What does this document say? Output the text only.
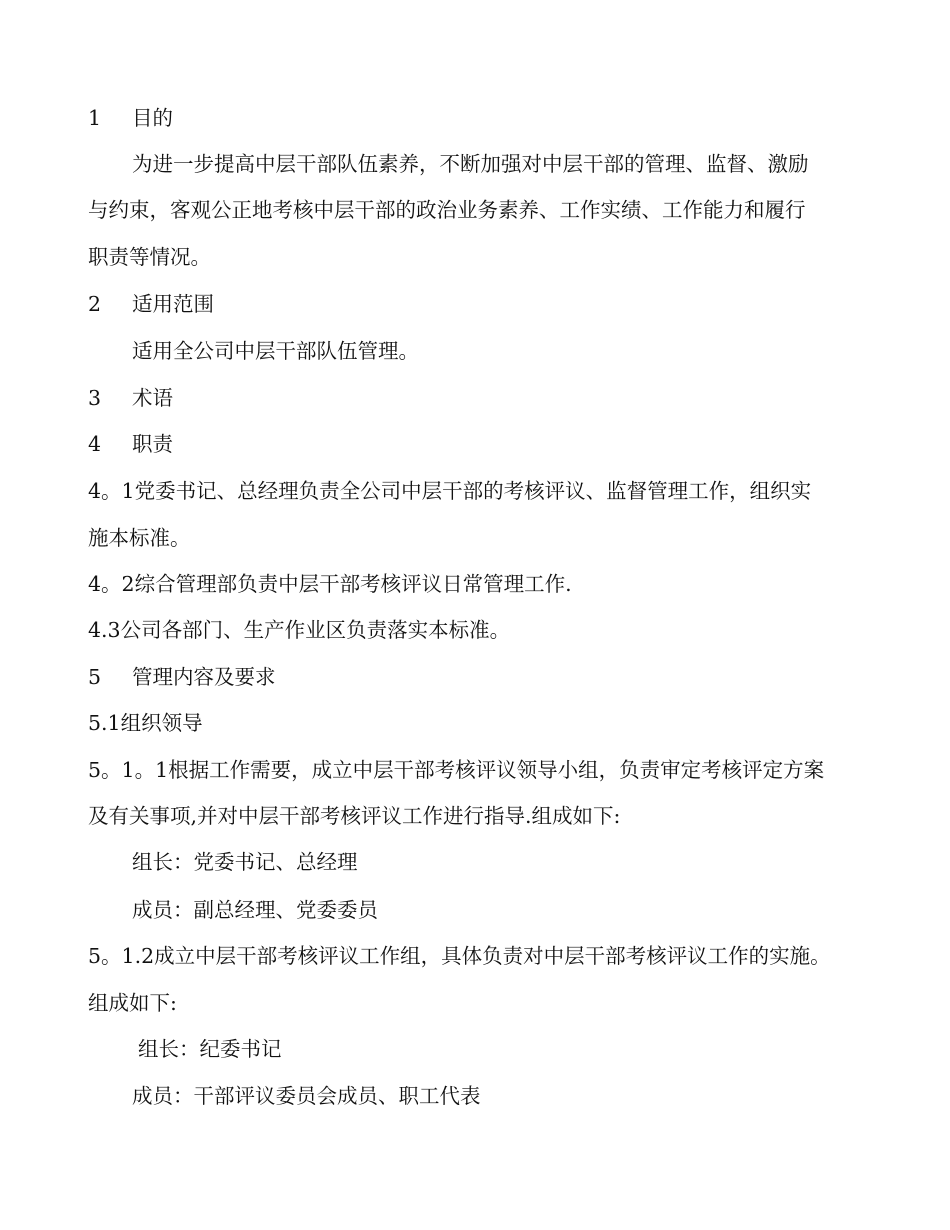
1 目的
为进一步提高中层干部队伍素养，不断加强对中层干部的管理、监督、激励
与约束，客观公正地考核中层干部的政治业务素养、工作实绩、工作能力和履行
职责等情况。
2 适用范围
适用全公司中层干部队伍管理。
3 术语
4 职责
4。1党委书记、总经理负责全公司中层干部的考核评议、监督管理工作，组织实
施本标准。
4。2综合管理部负责中层干部考核评议日常管理工作.
4.3公司各部门、生产作业区负责落实本标准。
5 管理内容及要求
5.1组织领导
5。1。1根据工作需要，成立中层干部考核评议领导小组，负责审定考核评定方案
及有关事项,并对中层干部考核评议工作进行指导.组成如下:
组长：党委书记、总经理
成员：副总经理、党委委员
5。1.2成立中层干部考核评议工作组，具体负责对中层干部考核评议工作的实施。
组成如下:
组长：纪委书记
成员：干部评议委员会成员、职工代表
